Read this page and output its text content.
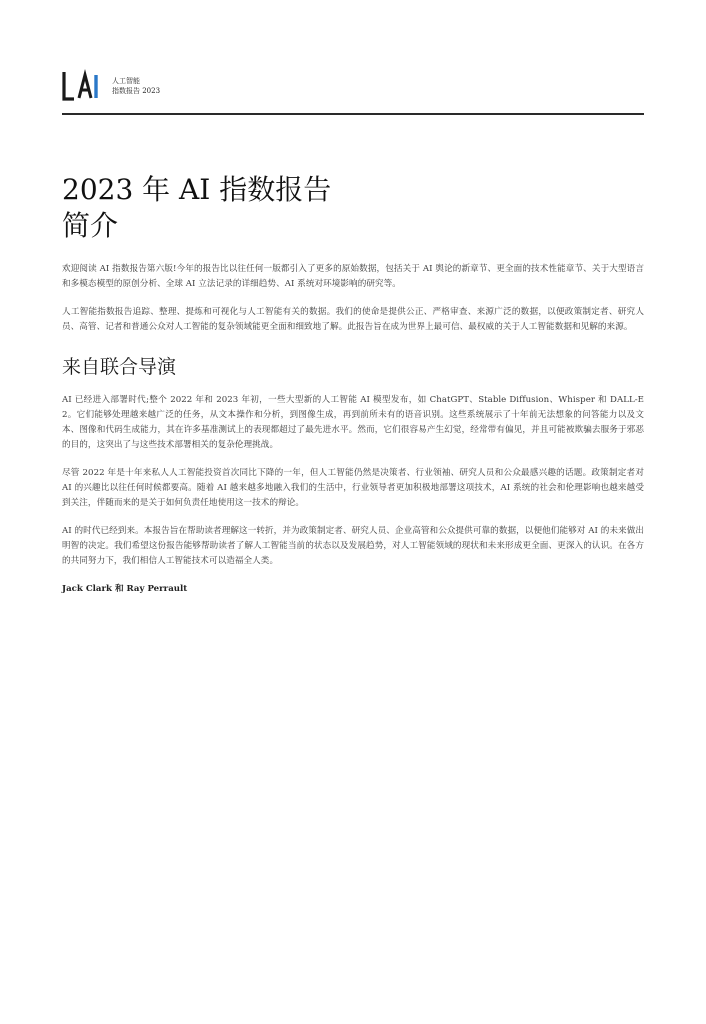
人工智能
指数报告 2023
2023 年 AI 指数报告
简介

欢迎阅读 AI 指数报告第六版!今年的报告比以往任何一版都引入了更多的原始数据，包括关于 AI 舆论的新章节、更全面的技术性能章节、关于大型语言和多模态模型的原创分析、全球 AI 立法记录的详细趋势、AI 系统对环境影响的研究等。

人工智能指数报告追踪、整理、提炼和可视化与人工智能有关的数据。我们的使命是提供公正、严格审查、来源广泛的数据，以便政策制定者、研究人员、高管、记者和普通公众对人工智能的复杂领域能更全面和细致地了解。此报告旨在成为世界上最可信、最权威的关于人工智能数据和见解的来源。

来自联合导演

AI 已经进入部署时代;整个 2022 年和 2023 年初，一些大型新的人工智能 AI 模型发布，如 ChatGPT、Stable Diffusion、Whisper 和 DALL-E 2。它们能够处理越来越广泛的任务，从文本操作和分析，到图像生成，再到前所未有的语音识别。这些系统展示了十年前无法想象的问答能力以及文本、图像和代码生成能力，其在许多基准测试上的表现都超过了最先进水平。然而，它们很容易产生幻觉，经常带有偏见，并且可能被欺骗去服务于邪恶的目的，这突出了与这些技术部署相关的复杂伦理挑战。

尽管 2022 年是十年来私人人工智能投资首次同比下降的一年，但人工智能仍然是决策者、行业领袖、研究人员和公众最感兴趣的话题。政策制定者对 AI 的兴趣比以往任何时候都要高。随着 AI 越来越多地融入我们的生活中，行业领导者更加积极地部署这项技术，AI 系统的社会和伦理影响也越来越受到关注，伴随而来的是关于如何负责任地使用这一技术的辩论。

AI 的时代已经到来。本报告旨在帮助读者理解这一转折，并为政策制定者、研究人员、企业高管和公众提供可靠的数据，以便他们能够对 AI 的未来做出明智的决定。我们希望这份报告能够帮助读者了解人工智能当前的状态以及发展趋势，对人工智能领域的现状和未来形成更全面、更深入的认识。在各方的共同努力下，我们相信人工智能技术可以造福全人类。

Jack Clark 和 Ray Perrault
